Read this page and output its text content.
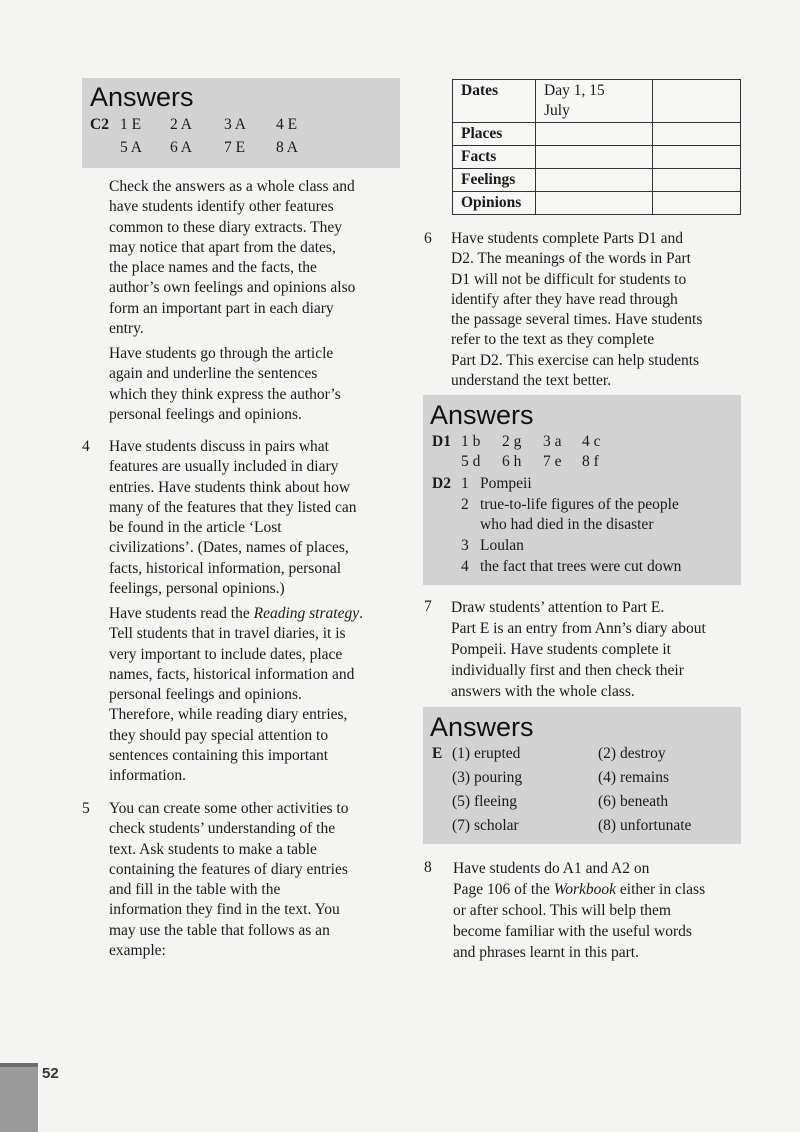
Answers
C2 1 E 2 A 3 A 4 E
5 A 6 A 7 E 8 A

Check the answers as a whole class and

have students identify other features

common to these diary extracts. They

may notice that apart from the dates,

the place names and the facts, the

author’s own feelings and opinions also

form an important part in each diary

entry.

Have students go through the article

again and underline the sentences

which they think express the author’s

personal feelings and opinions.

4 Have students discuss in pairs what

features are usually included in diary

entries. Have students think about how

many of the features that they listed can

be found in the article ‘Lost

civilizations’. (Dates, names of places,

facts, historical information, personal

feelings, personal opinions.)

Have students read the Reading strategy.

Tell students that in travel diaries, it is

very important to include dates, place

names, facts, historical information and

personal feelings and opinions.

Therefore, while reading diary entries,

they should pay special attention to

sentences containing this important

information.

5 You can create some other activities to

check students’ understanding of the

text. Ask students to make a table

containing the features of diary entries

and fill in the table with the

information they find in the text. You

may use the table that follows as an

example:

Dates	Day 1, 15
July	
Places		
Facts		
Feelings		
Opinions		
6 Have students complete Parts D1 and

D2. The meanings of the words in Part

D1 will not be difficult for students to

identify after they have read through

the passage several times. Have students

refer to the text as they complete

Part D2. This exercise can help students

understand the text better.

Answers
D1 1 b 2 g 3 a 4 c
5 d 6 h 7 e 8 f
D2 1 Pompeii
2 true-to-life figures of the people
who had died in the disaster
3 Loulan
4 the fact that trees were cut down
7 Draw students’ attention to Part E.

Part E is an entry from Ann’s diary about

Pompeii. Have students complete it

individually first and then check their

answers with the whole class.

Answers
E (1) erupted	(2) destroy
(3) pouring	(4) remains
(5) fleeing	(6) beneath
(7) scholar	(8) unfortunate
8 Have students do A1 and A2 on

Page 106 of the Workbook either in class

or after school. This will belp them

become familiar with the useful words

and phrases learnt in this part.

52
